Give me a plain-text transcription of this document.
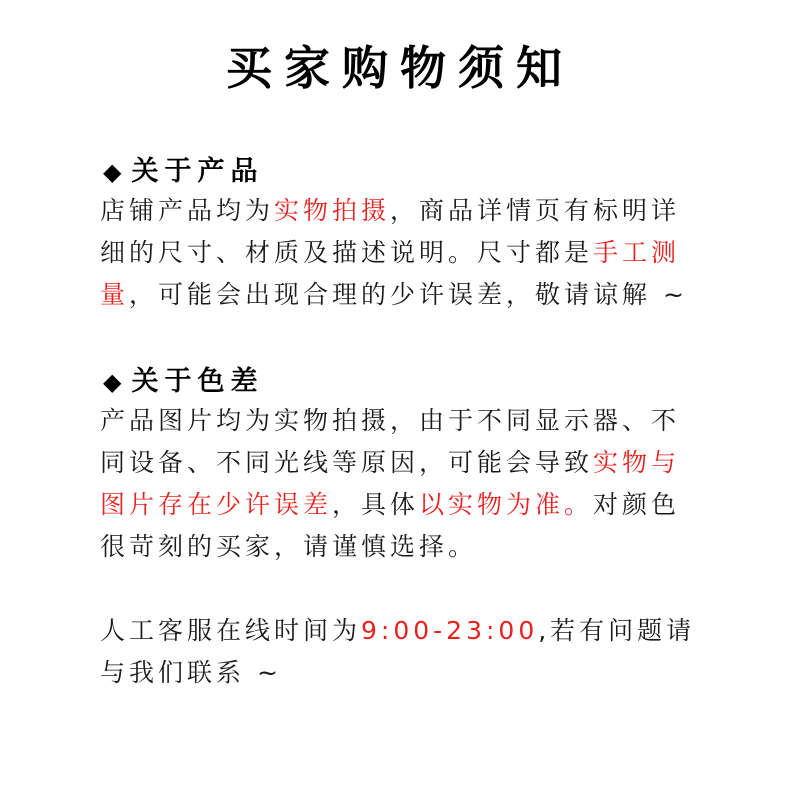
买家购物须知
◆ 关于产品
店铺产品均为实物拍摄，商品详情页有标明详
细的尺寸、材质及描述说明。尺寸都是手工测
量，可能会出现合理的少许误差，敬请谅解 ~
◆ 关于色差
产品图片均为实物拍摄，由于不同显示器、不
同设备、不同光线等原因，可能会导致实物与
图片存在少许误差，具体以实物为准。对颜色
很苛刻的买家，请谨慎选择。
人工客服在线时间为9:00-23:00,若有问题请
与我们联系 ~
